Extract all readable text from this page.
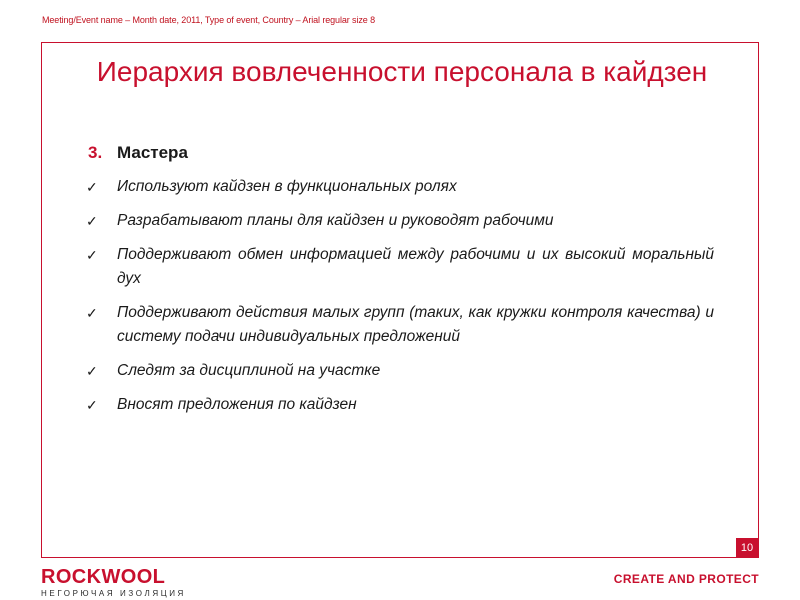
Meeting/Event name – Month date, 2011, Type of event, Country – Arial regular size 8
Иерархия вовлеченности персонала в кайдзен
3. Мастера
✓	Используют кайдзен в функциональных ролях
✓	Разрабатывают планы для кайдзен и руководят рабочими
✓	Поддерживают обмен информацией между рабочими и их высокий моральный дух
✓	Поддерживают действия малых групп (таких, как кружки контроля качества) и систему подачи индивидуальных предложений
✓	Следят за дисциплиной на участке
✓	Вносят предложения по кайдзен
10
ROCKWOOL
НЕГОРЮЧАЯ ИЗОЛЯЦИЯ
CREATE AND PROTECT
